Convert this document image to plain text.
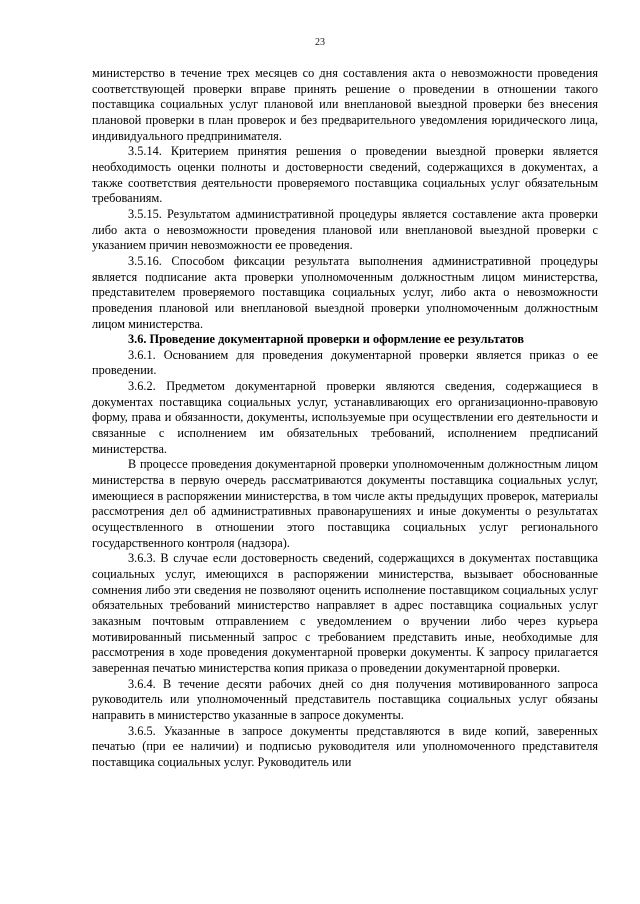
23

министерство в течение трех месяцев со дня составления акта о невозможности проведения соответствующей проверки вправе принять решение о проведении в отношении такого поставщика социальных услуг плановой или внеплановой выездной проверки без внесения плановой проверки в план проверок и без предварительного уведомления юридического лица, индивидуального предпринимателя.

3.5.14. Критерием принятия решения о проведении выездной проверки является необходимость оценки полноты и достоверности сведений, содержащихся в документах, а также соответствия деятельности проверяемого поставщика социальных услуг обязательным требованиям.

3.5.15. Результатом административной процедуры является составление акта проверки либо акта о невозможности проведения плановой или внеплановой выездной проверки с указанием причин невозможности ее проведения.

3.5.16. Способом фиксации результата выполнения административной процедуры является подписание акта проверки уполномоченным должностным лицом министерства, представителем проверяемого поставщика социальных услуг, либо акта о невозможности проведения плановой или внеплановой выездной проверки уполномоченным должностным лицом министерства.

3.6. Проведение документарной проверки и оформление ее результатов

3.6.1. Основанием для проведения документарной проверки является приказ о ее проведении.

3.6.2. Предметом документарной проверки являются сведения, содержащиеся в документах поставщика социальных услуг, устанавливающих его организационно-правовую форму, права и обязанности, документы, используемые при осуществлении его деятельности и связанные с исполнением им обязательных требований, исполнением предписаний министерства.

В процессе проведения документарной проверки уполномоченным должностным лицом министерства в первую очередь рассматриваются документы поставщика социальных услуг, имеющиеся в распоряжении министерства, в том числе акты предыдущих проверок, материалы рассмотрения дел об административных правонарушениях и иные документы о результатах осуществленного в отношении этого поставщика социальных услуг регионального государственного контроля (надзора).

3.6.3. В случае если достоверность сведений, содержащихся в документах поставщика социальных услуг, имеющихся в распоряжении министерства, вызывает обоснованные сомнения либо эти сведения не позволяют оценить исполнение поставщиком социальных услуг обязательных требований министерство направляет в адрес поставщика социальных услуг заказным почтовым отправлением с уведомлением о вручении либо через курьера мотивированный письменный запрос с требованием представить иные, необходимые для рассмотрения в ходе проведения документарной проверки документы. К запросу прилагается заверенная печатью министерства копия приказа о проведении документарной проверки.

3.6.4. В течение десяти рабочих дней со дня получения мотивированного запроса руководитель или уполномоченный представитель поставщика социальных услуг обязаны направить в министерство указанные в запросе документы.

3.6.5. Указанные в запросе документы представляются в виде копий, заверенных печатью (при ее наличии) и подписью руководителя или уполномоченного представителя поставщика социальных услуг. Руководитель или
